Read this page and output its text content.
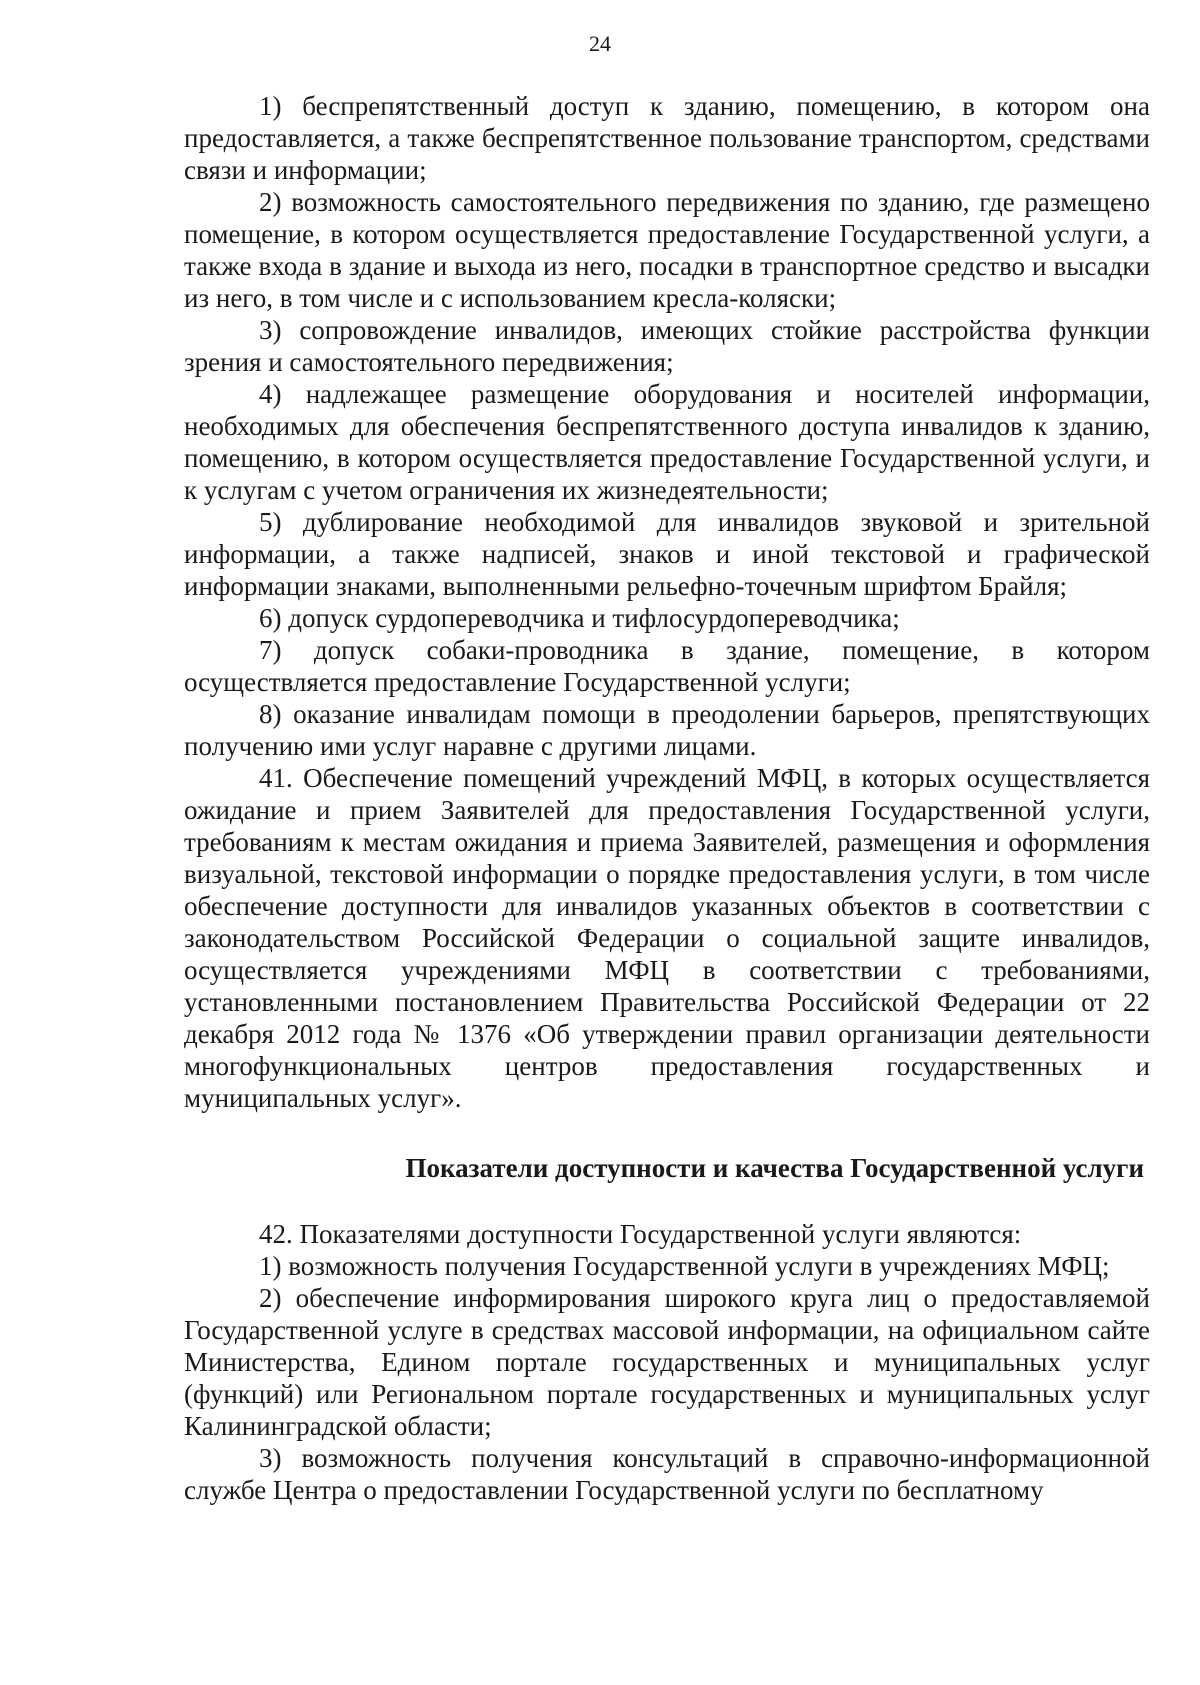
24

1) беспрепятственный доступ к зданию, помещению, в котором она предоставляется, а также беспрепятственное пользование транспортом, средствами связи и информации;

2) возможность самостоятельного передвижения по зданию, где размещено помещение, в котором осуществляется предоставление Государственной услуги, а также входа в здание и выхода из него, посадки в транспортное средство и высадки из него, в том числе и с использованием кресла-коляски;

3) сопровождение инвалидов, имеющих стойкие расстройства функции зрения и самостоятельного передвижения;

4) надлежащее размещение оборудования и носителей информации, необходимых для обеспечения беспрепятственного доступа инвалидов к зданию, помещению, в котором осуществляется предоставление Государственной услуги, и к услугам с учетом ограничения их жизнедеятельности;

5) дублирование необходимой для инвалидов звуковой и зрительной информации, а также надписей, знаков и иной текстовой и графической информации знаками, выполненными рельефно-точечным шрифтом Брайля;

6) допуск сурдопереводчика и тифлосурдопереводчика;

7) допуск собаки-проводника в здание, помещение, в котором осуществляется предоставление Государственной услуги;

8) оказание инвалидам помощи в преодолении барьеров, препятствующих получению ими услуг наравне с другими лицами.

41. Обеспечение помещений учреждений МФЦ, в которых осуществляется ожидание и прием Заявителей для предоставления Государственной услуги, требованиям к местам ожидания и приема Заявителей, размещения и оформления визуальной, текстовой информации о порядке предоставления услуги, в том числе обеспечение доступности для инвалидов указанных объектов в соответствии с законодательством Российской Федерации о социальной защите инвалидов, осуществляется учреждениями МФЦ в соответствии с требованиями, установленными постановлением Правительства Российской Федерации от 22 декабря 2012 года № 1376 «Об утверждении правил организации деятельности многофункциональных центров предоставления государственных и муниципальных услуг».

Показатели доступности и качества Государственной услуги

42. Показателями доступности Государственной услуги являются:

1) возможность получения Государственной услуги в учреждениях МФЦ;

2) обеспечение информирования широкого круга лиц о предоставляемой Государственной услуге в средствах массовой информации, на официальном сайте Министерства, Едином портале государственных и муниципальных услуг (функций) или Региональном портале государственных и муниципальных услуг Калининградской области;

3) возможность получения консультаций в справочно-информационной службе Центра о предоставлении Государственной услуги по бесплатному
